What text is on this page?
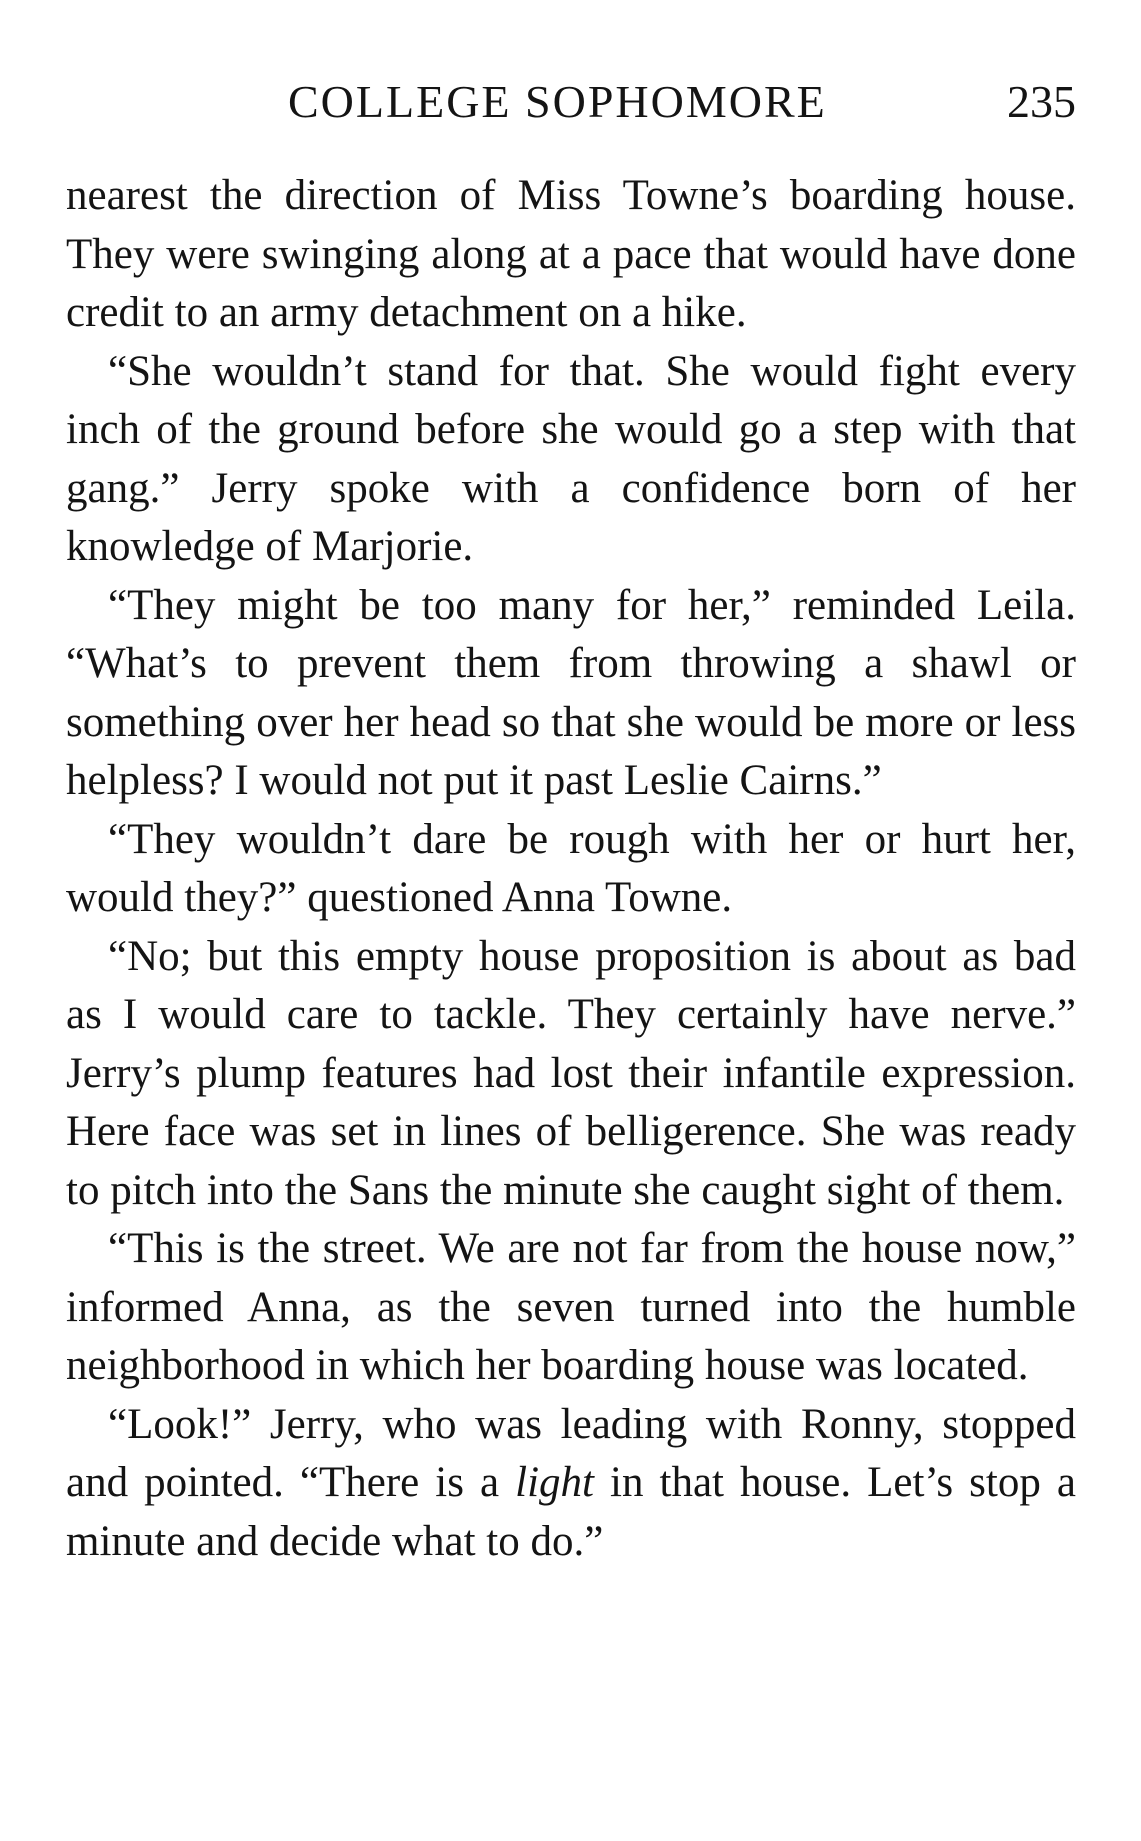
COLLEGE SOPHOMORE	235

nearest the direction of Miss Towne’s boarding house. They were swinging along at a pace that would have done credit to an army detachment on a hike.

“She wouldn’t stand for that. She would fight every inch of the ground before she would go a step with that gang.” Jerry spoke with a confidence born of her knowledge of Marjorie.

“They might be too many for her,” reminded Leila. “What’s to prevent them from throwing a shawl or something over her head so that she would be more or less helpless? I would not put it past Leslie Cairns.”

“They wouldn’t dare be rough with her or hurt her, would they?” questioned Anna Towne.

“No; but this empty house proposition is about as bad as I would care to tackle. They certainly have nerve.” Jerry’s plump features had lost their infantile expression. Here face was set in lines of belligerence. She was ready to pitch into the Sans the minute she caught sight of them.

“This is the street. We are not far from the house now,” informed Anna, as the seven turned into the humble neighborhood in which her boarding house was located.

“Look!” Jerry, who was leading with Ronny, stopped and pointed. “There is a light in that house. Let’s stop a minute and decide what to do.”
